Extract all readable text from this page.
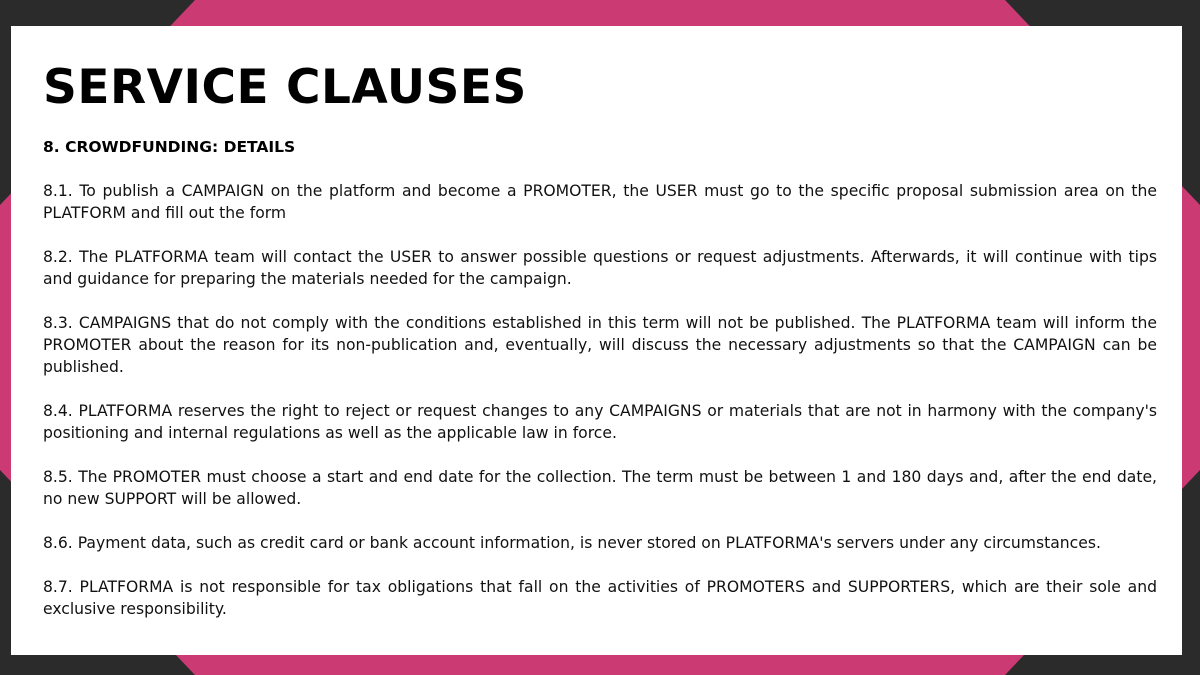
SERVICE CLAUSES
8. CROWDFUNDING: DETAILS
8.1. To publish a CAMPAIGN on the platform and become a PROMOTER, the USER must go to the specific proposal submission area on the PLATFORM and fill out the form
8.2. The PLATFORMA team will contact the USER to answer possible questions or request adjustments. Afterwards, it will continue with tips and guidance for preparing the materials needed for the campaign.
8.3. CAMPAIGNS that do not comply with the conditions established in this term will not be published. The PLATFORMA team will inform the PROMOTER about the reason for its non-publication and, eventually, will discuss the necessary adjustments so that the CAMPAIGN can be published.
8.4. PLATFORMA reserves the right to reject or request changes to any CAMPAIGNS or materials that are not in harmony with the company's positioning and internal regulations as well as the applicable law in force.
8.5. The PROMOTER must choose a start and end date for the collection. The term must be between 1 and 180 days and, after the end date, no new SUPPORT will be allowed.
8.6. Payment data, such as credit card or bank account information, is never stored on PLATFORMA's servers under any circumstances.
8.7. PLATFORMA is not responsible for tax obligations that fall on the activities of PROMOTERS and SUPPORTERS, which are their sole and exclusive responsibility.
